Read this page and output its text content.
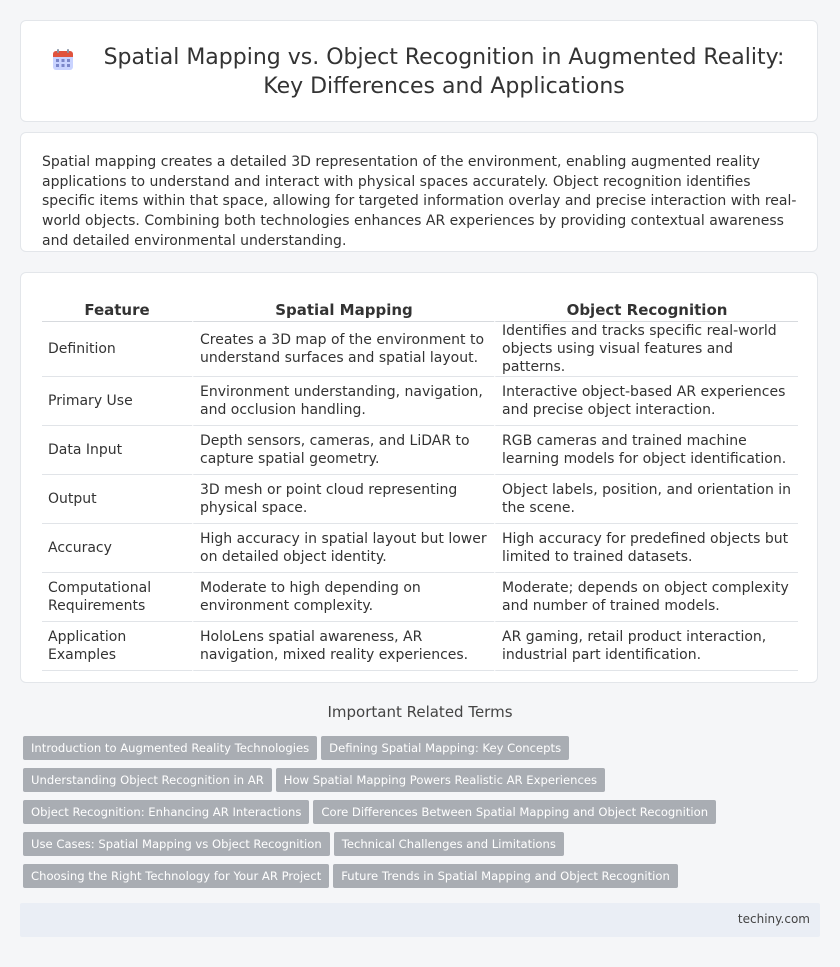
Spatial Mapping vs. Object Recognition in Augmented Reality: Key Differences and Applications

Spatial mapping creates a detailed 3D representation of the environment, enabling augmented reality applications to understand and interact with physical spaces accurately. Object recognition identifies specific items within that space, allowing for targeted information overlay and precise interaction with real-world objects. Combining both technologies enhances AR experiences by providing contextual awareness and detailed environmental understanding.

Feature	Spatial Mapping	Object Recognition
Definition	Creates a 3D map of the environment to understand surfaces and spatial layout.	Identifies and tracks specific real-world objects using visual features and patterns.
Primary Use	Environment understanding, navigation, and occlusion handling.	Interactive object-based AR experiences and precise object interaction.
Data Input	Depth sensors, cameras, and LiDAR to capture spatial geometry.	RGB cameras and trained machine learning models for object identification.
Output	3D mesh or point cloud representing physical space.	Object labels, position, and orientation in the scene.
Accuracy	High accuracy in spatial layout but lower on detailed object identity.	High accuracy for predefined objects but limited to trained datasets.
Computational Requirements	Moderate to high depending on environment complexity.	Moderate; depends on object complexity and number of trained models.
Application Examples	HoloLens spatial awareness, AR navigation, mixed reality experiences.	AR gaming, retail product interaction, industrial part identification.
Important Related Terms
Introduction to Augmented Reality Technologies Defining Spatial Mapping: Key ConceptsUnderstanding Object Recognition in AR How Spatial Mapping Powers Realistic AR ExperiencesObject Recognition: Enhancing AR Interactions Core Differences Between Spatial Mapping and Object RecognitionUse Cases: Spatial Mapping vs Object Recognition Technical Challenges and LimitationsChoosing the Right Technology for Your AR Project Future Trends in Spatial Mapping and Object Recognition
techiny.com
